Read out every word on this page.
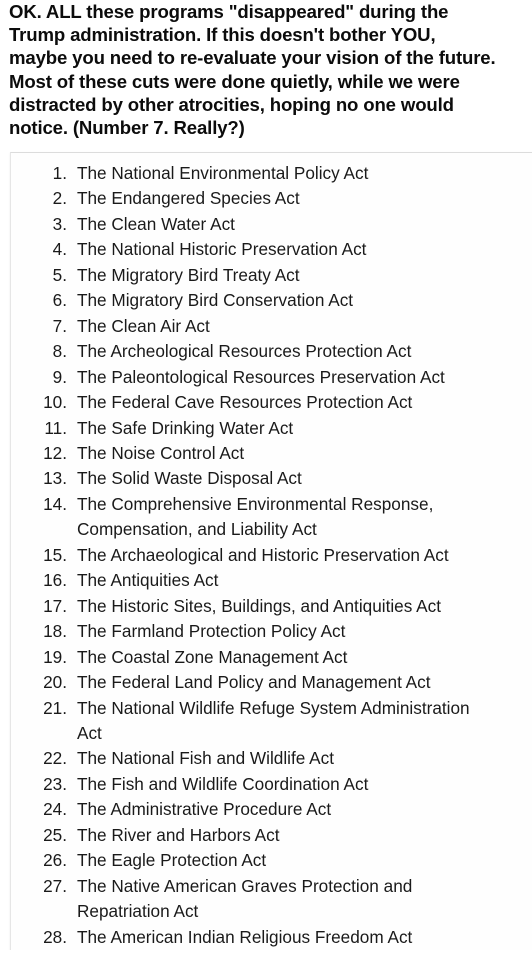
OK. ALL these programs "disappeared" during the
Trump administration. If this doesn't bother YOU,
maybe you need to re-evaluate your vision of the future.
Most of these cuts were done quietly, while we were
distracted by other atrocities, hoping no one would
notice. (Number 7. Really?)
1. The National Environmental Policy Act
2. The Endangered Species Act
3. The Clean Water Act
4. The National Historic Preservation Act
5. The Migratory Bird Treaty Act
6. The Migratory Bird Conservation Act
7. The Clean Air Act
8. The Archeological Resources Protection Act
9. The Paleontological Resources Preservation Act
10. The Federal Cave Resources Protection Act
11. The Safe Drinking Water Act
12. The Noise Control Act
13. The Solid Waste Disposal Act
14. The Comprehensive Environmental Response,
Compensation, and Liability Act
15. The Archaeological and Historic Preservation Act
16. The Antiquities Act
17. The Historic Sites, Buildings, and Antiquities Act
18. The Farmland Protection Policy Act
19. The Coastal Zone Management Act
20. The Federal Land Policy and Management Act
21. The National Wildlife Refuge System Administration
Act
22. The National Fish and Wildlife Act
23. The Fish and Wildlife Coordination Act
24. The Administrative Procedure Act
25. The River and Harbors Act
26. The Eagle Protection Act
27. The Native American Graves Protection and
Repatriation Act
28. The American Indian Religious Freedom Act
